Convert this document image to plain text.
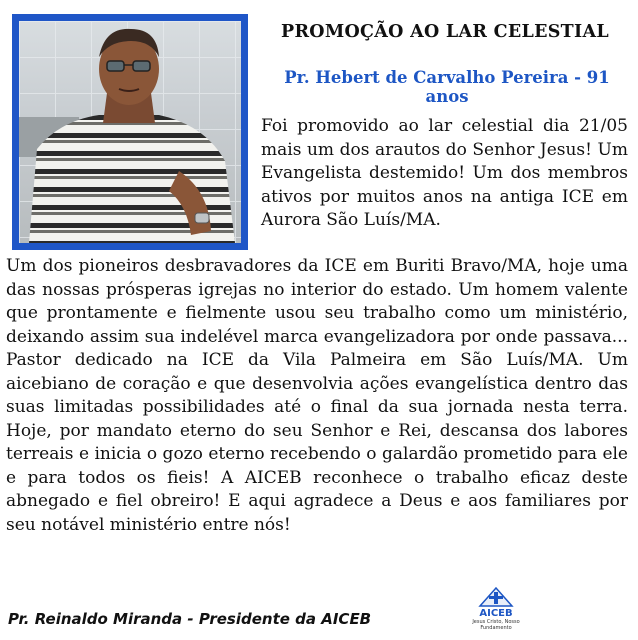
PROMOÇÃO AO LAR CELESTIAL
Pr. Hebert de Carvalho Pereira - 91 anos

Foi promovido ao lar celestial dia 21/05 mais um dos arautos do Senhor Jesus! Um Evangelista destemido! Um dos membros ativos por muitos anos na antiga ICE em Aurora São Luís/MA.

Um dos pioneiros desbravadores da ICE em Buriti Bravo/MA, hoje uma das nossas prósperas igrejas no interior do estado. Um homem valente que prontamente e fielmente usou seu trabalho como um ministério, deixando assim sua indelével marca evangelizadora por onde passava... Pastor dedicado na ICE da Vila Palmeira em São Luís/MA. Um aicebiano de coração e que desenvolvia ações evangelística dentro das suas limitadas possibilidades até o final da sua jornada nesta terra. Hoje, por mandato eterno do seu Senhor e Rei, descansa dos labores terreais e inicia o gozo eterno recebendo o galardão prometido para ele e para todos os fieis! A AICEB reconhece o trabalho eficaz deste abnegado e fiel obreiro! E aqui agradece a Deus e aos familiares por seu notável ministério entre nós!

Pr. Reinaldo Miranda - Presidente da AICEB	AICEB
Jesus Cristo, Nosso Fundamento
